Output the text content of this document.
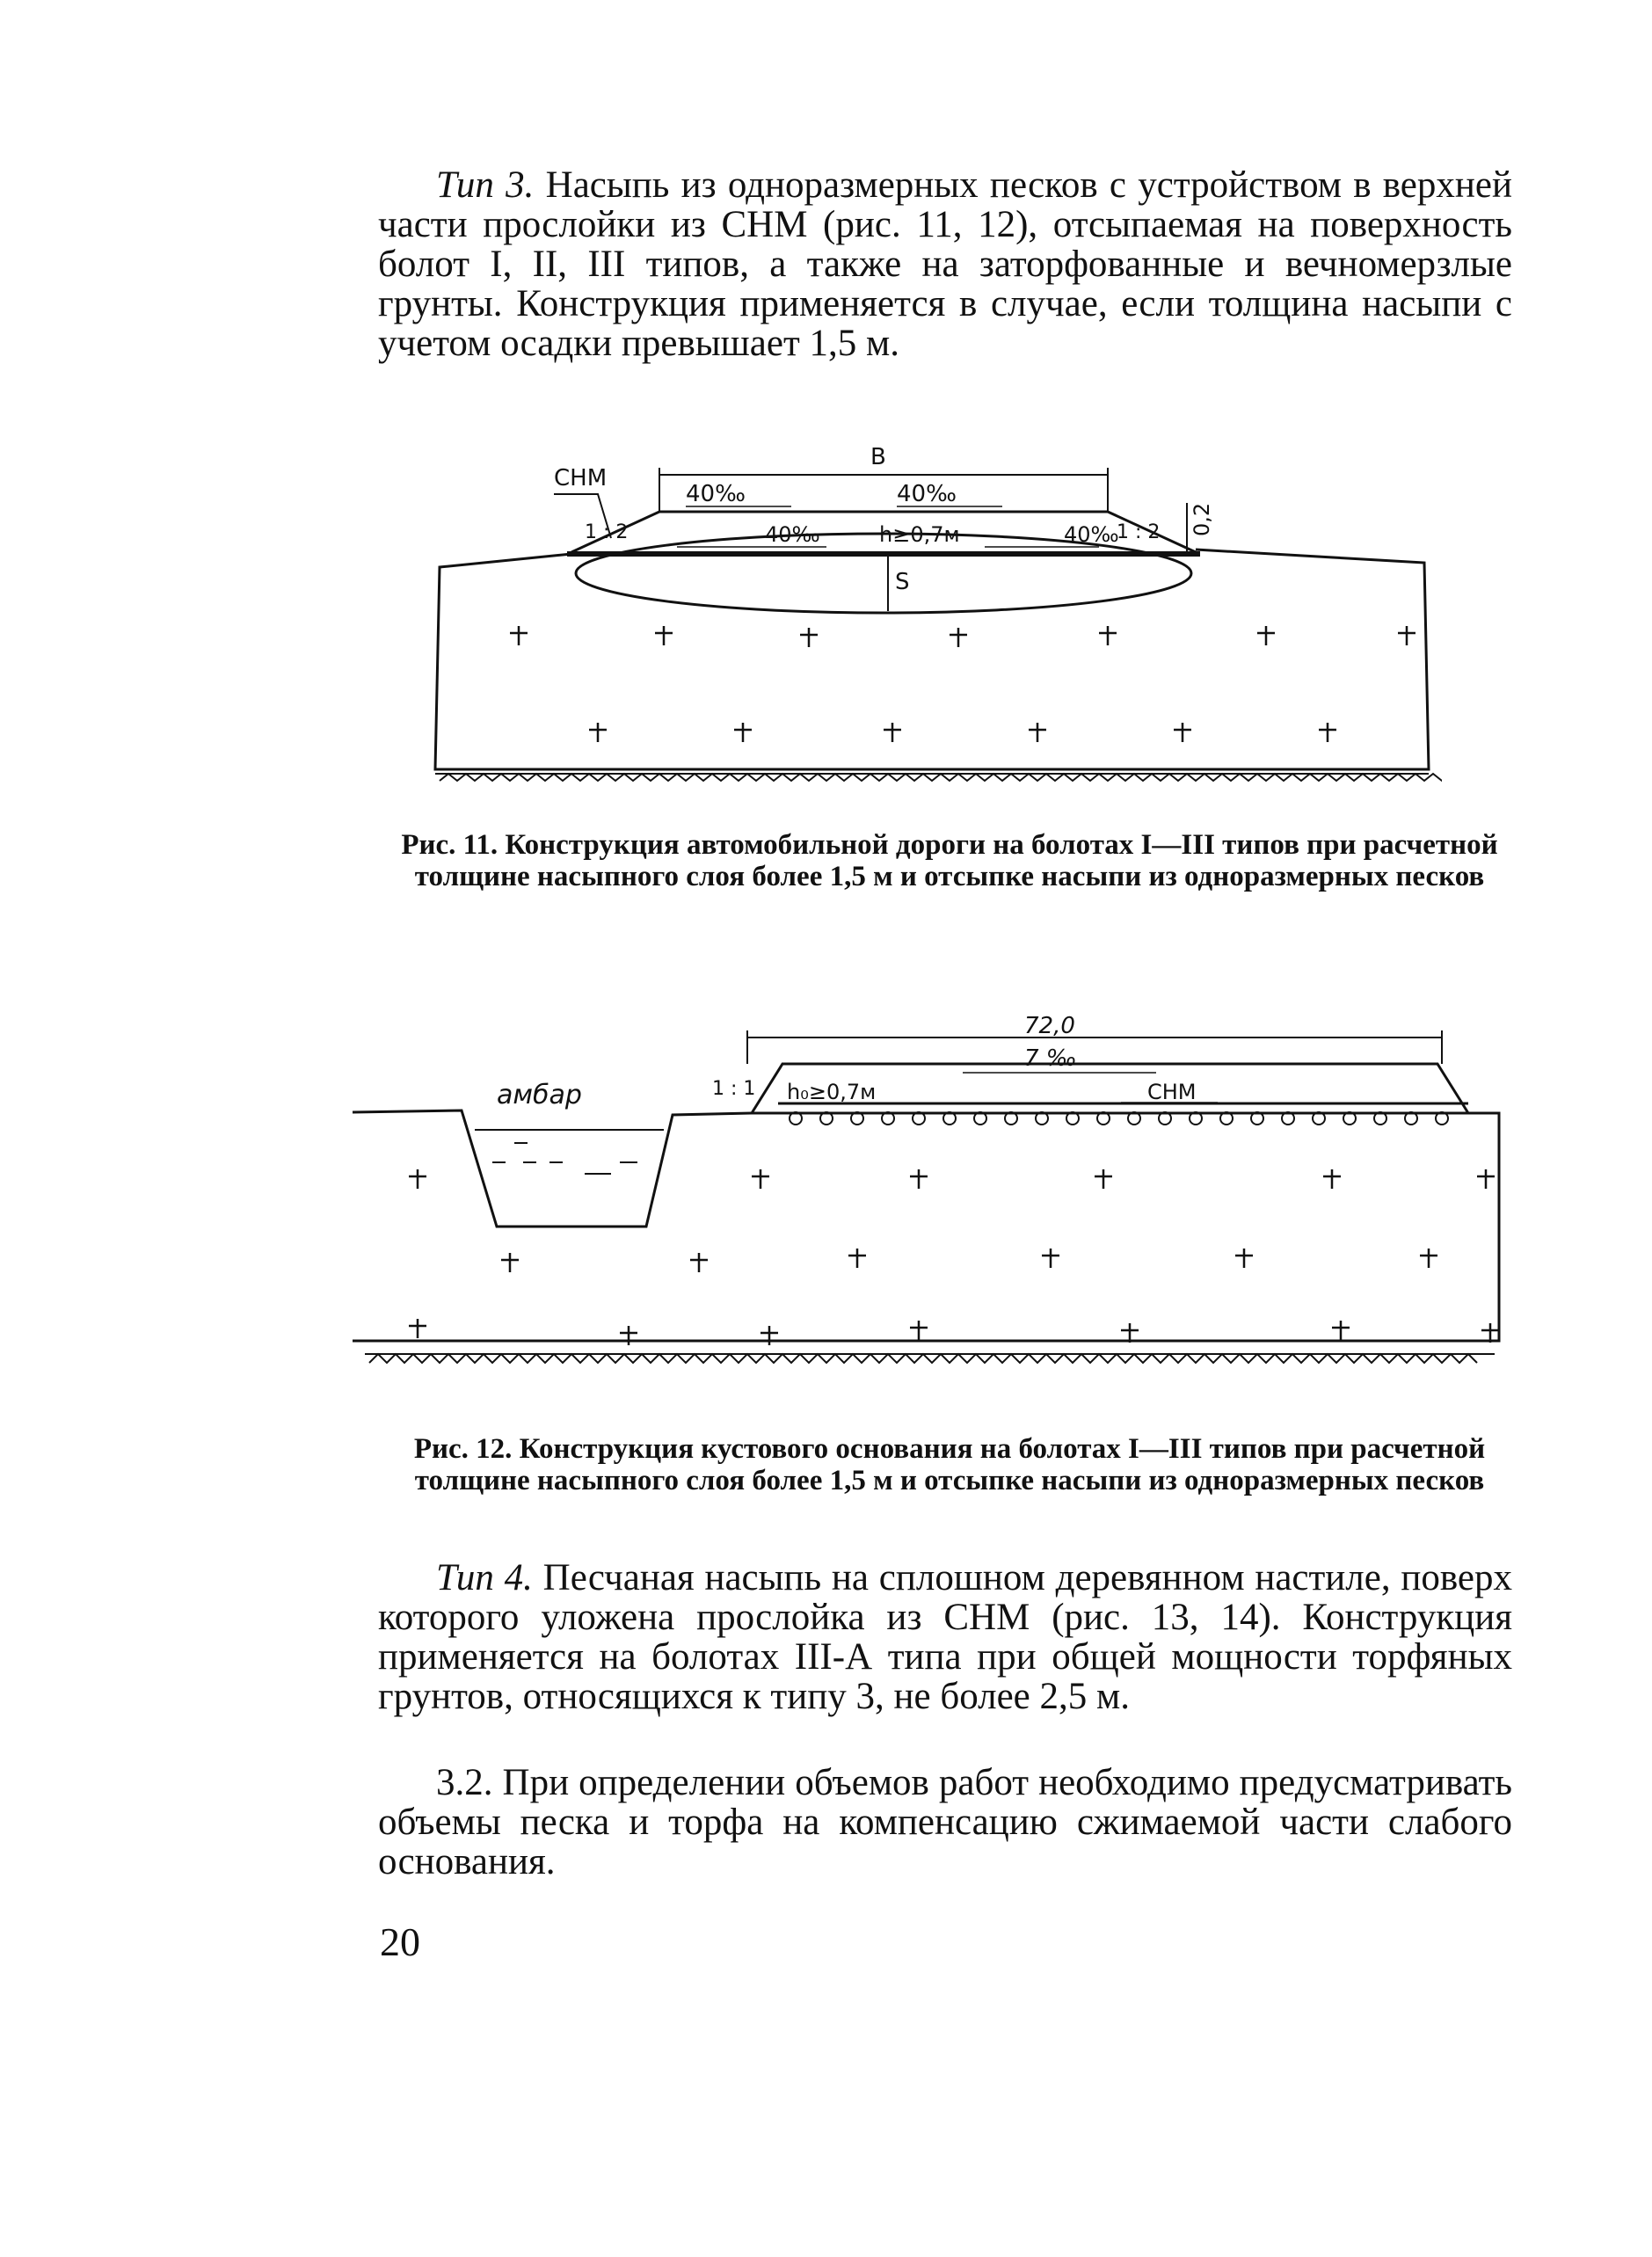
Тип 3. Насыпь из одноразмерных песков с устройством в верхней части прослойки из СНМ (рис. 11, 12), отсыпаемая на поверхность болот I, II, III типов, а также на заторфованные и вечномерзлые грунты. Конструкция применяется в случае, если толщина насыпи с учетом осадки превышает 1,5 м.

B
40‰	40‰
40‰	40‰
h≥0,7м
СНМ
1 : 2	1 : 2 0,2
S

Рис. 11. Конструкция автомобильной дороги на болотах I—III типов при расчетной толщине насыпного слоя более 1,5 м и отсыпке насыпи из одноразмерных песков

амбар
72,0
7 ‰
1 : 1 h₀≥0,7м	СНМ

Рис. 12. Конструкция кустового основания на болотах I—III типов при расчетной толщине насыпного слоя более 1,5 м и отсыпке насыпи из одноразмерных песков

Тип 4. Песчаная насыпь на сплошном деревянном настиле, поверх которого уложена прослойка из СНМ (рис. 13, 14). Конструкция применяется на болотах III-А типа при общей мощности торфяных грунтов, относящихся к типу 3, не более 2,5 м.

3.2. При определении объемов работ необходимо предусматривать объемы песка и торфа на компенсацию сжимаемой части слабого основания.

20
